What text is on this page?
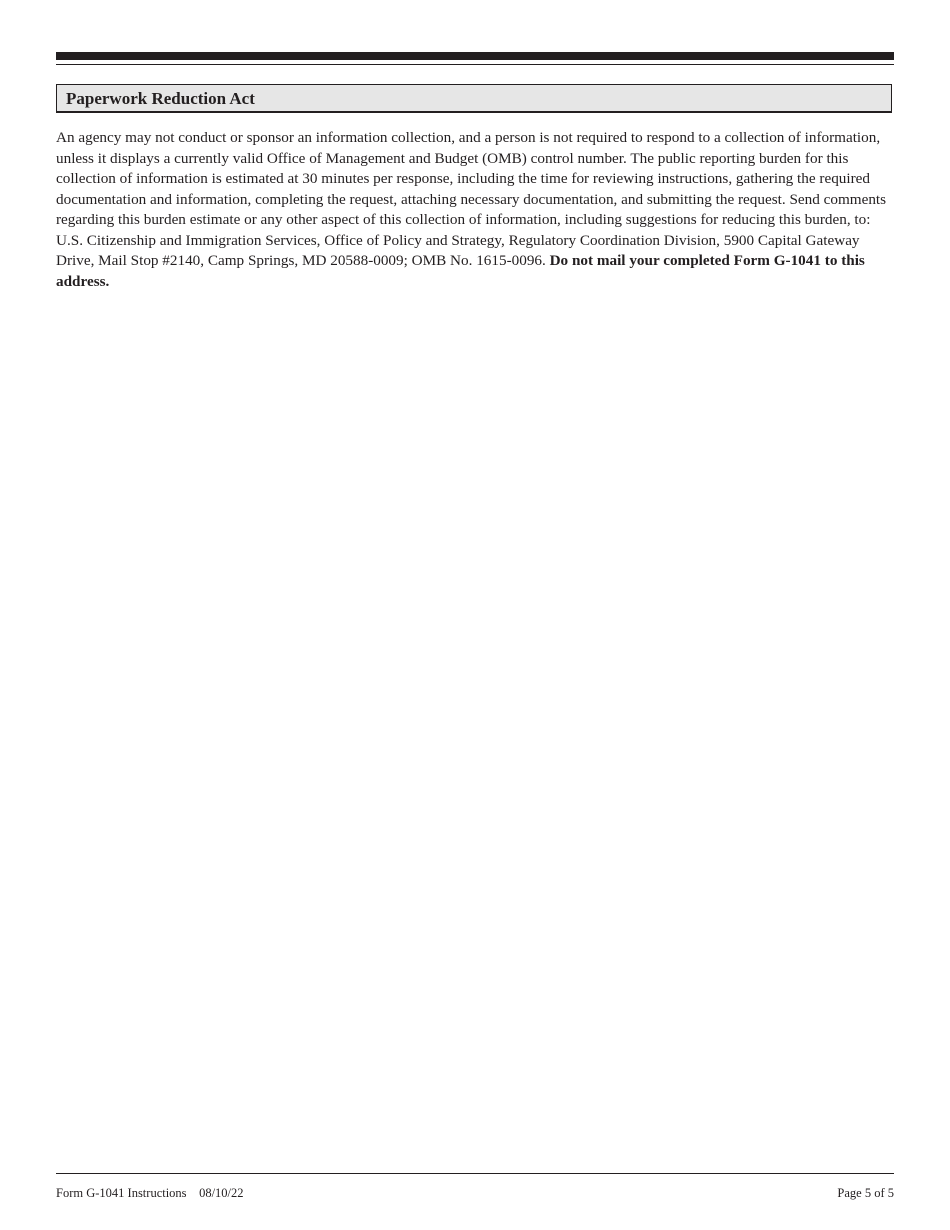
Paperwork Reduction Act

An agency may not conduct or sponsor an information collection, and a person is not required to respond to a collection of information, unless it displays a currently valid Office of Management and Budget (OMB) control number. The public reporting burden for this collection of information is estimated at 30 minutes per response, including the time for reviewing instructions, gathering the required documentation and information, completing the request, attaching necessary documentation, and submitting the request. Send comments regarding this burden estimate or any other aspect of this collection of information, including suggestions for reducing this burden, to: U.S. Citizenship and Immigration Services, Office of Policy and Strategy, Regulatory Coordination Division, 5900 Capital Gateway Drive, Mail Stop #2140, Camp Springs, MD 20588-0009; OMB No. 1615-0096. Do not mail your completed Form G-1041 to this address.

Form G-1041 Instructions 08/10/22	Page 5 of 5
